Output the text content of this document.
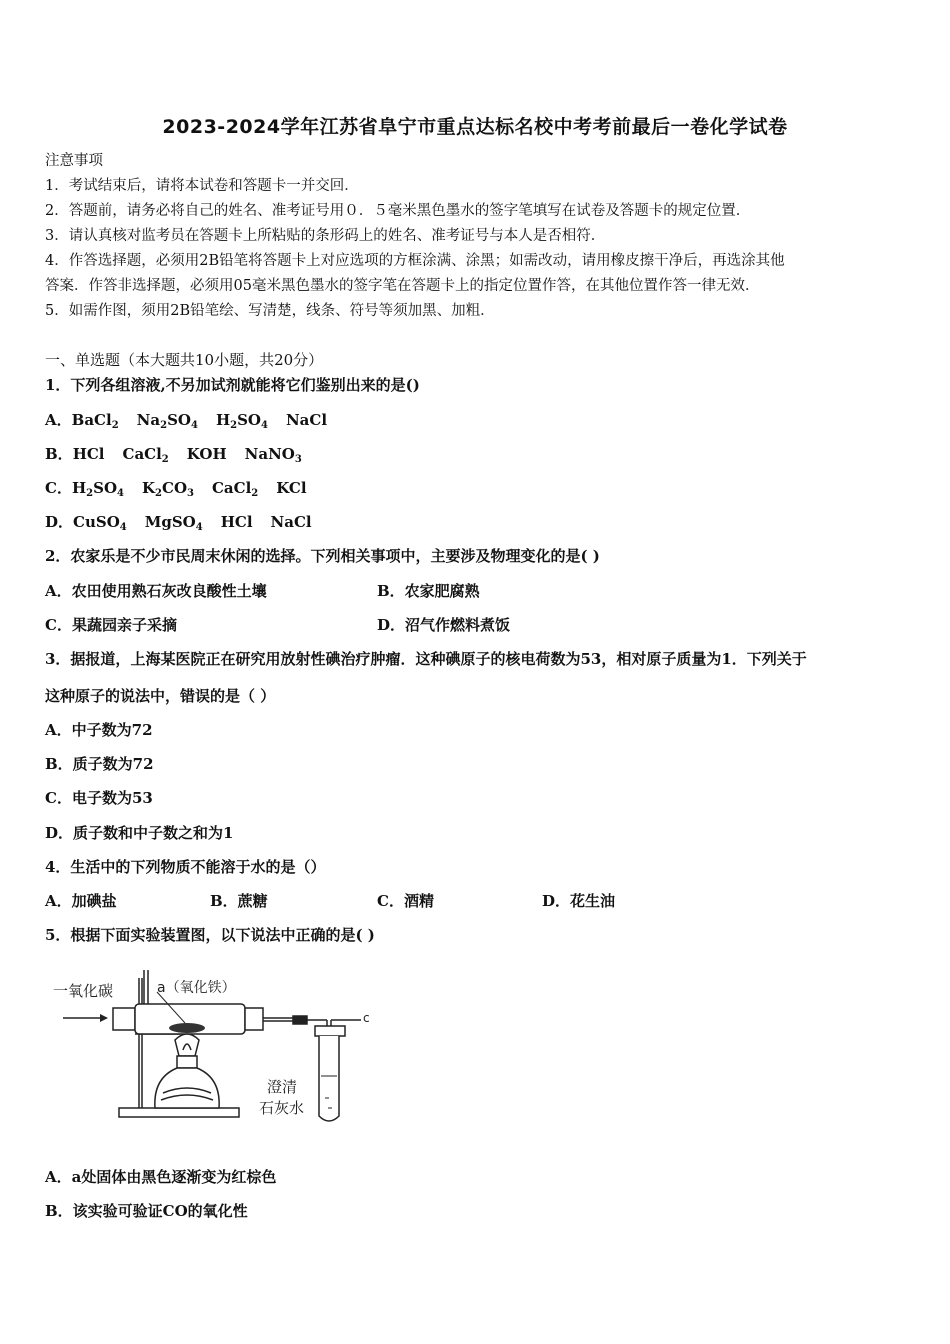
2023-2024学年江苏省阜宁市重点达标名校中考考前最后一卷化学试卷
注意事项
1．考试结束后，请将本试卷和答题卡一并交回．
2．答题前，请务必将自己的姓名、准考证号用０．５毫米黑色墨水的签字笔填写在试卷及答题卡的规定位置．
3．请认真核对监考员在答题卡上所粘贴的条形码上的姓名、准考证号与本人是否相符．
4．作答选择题，必须用2B铅笔将答题卡上对应选项的方框涂满、涂黑；如需改动，请用橡皮擦干净后，再选涂其他
答案．作答非选择题，必须用05毫米黑色墨水的签字笔在答题卡上的指定位置作答，在其他位置作答一律无效．
5．如需作图，须用2B铅笔绘、写清楚，线条、符号等须加黑、加粗．
一、单选题（本大题共10小题，共20分）
1．下列各组溶液,不另加试剂就能将它们鉴别出来的是()
A．BaCl$_2$ $Na_2SO_4$ $H_2SO_4$ NaCl
B．HCl CaCl$_2$ KOH NaNO$_3$
C．$H_2SO_4$ $K_2CO_3$ CaCl$_2$ KCl
D．CuSO$_4$ MgSO$_4$ HCl NaCl
2．农家乐是不少市民周末休闲的选择。下列相关事项中，主要涉及物理变化的是( )
A．农田使用熟石灰改良酸性土壤	B．农家肥腐熟
C．果蔬园亲子采摘	D．沼气作燃料煮饭
3．据报道，上海某医院正在研究用放射性碘治疗肿瘤．这种碘原子的核电荷数为53，相对原子质量为1．下列关于
这种原子的说法中，错误的是（ ）
A．中子数为72
B．质子数为72
C．电子数为53
D．质子数和中子数之和为1
4．生活中的下列物质不能溶于水的是（）
A．加碘盐	B．蔗糖	C．酒精	D．花生油
5．根据下面实验装置图，以下说法中正确的是( )
一氧化碳	a（氧化铁）
c
澄清
石灰水
A．a处固体由黑色逐渐变为红棕色
B．该实验可验证CO的氧化性
